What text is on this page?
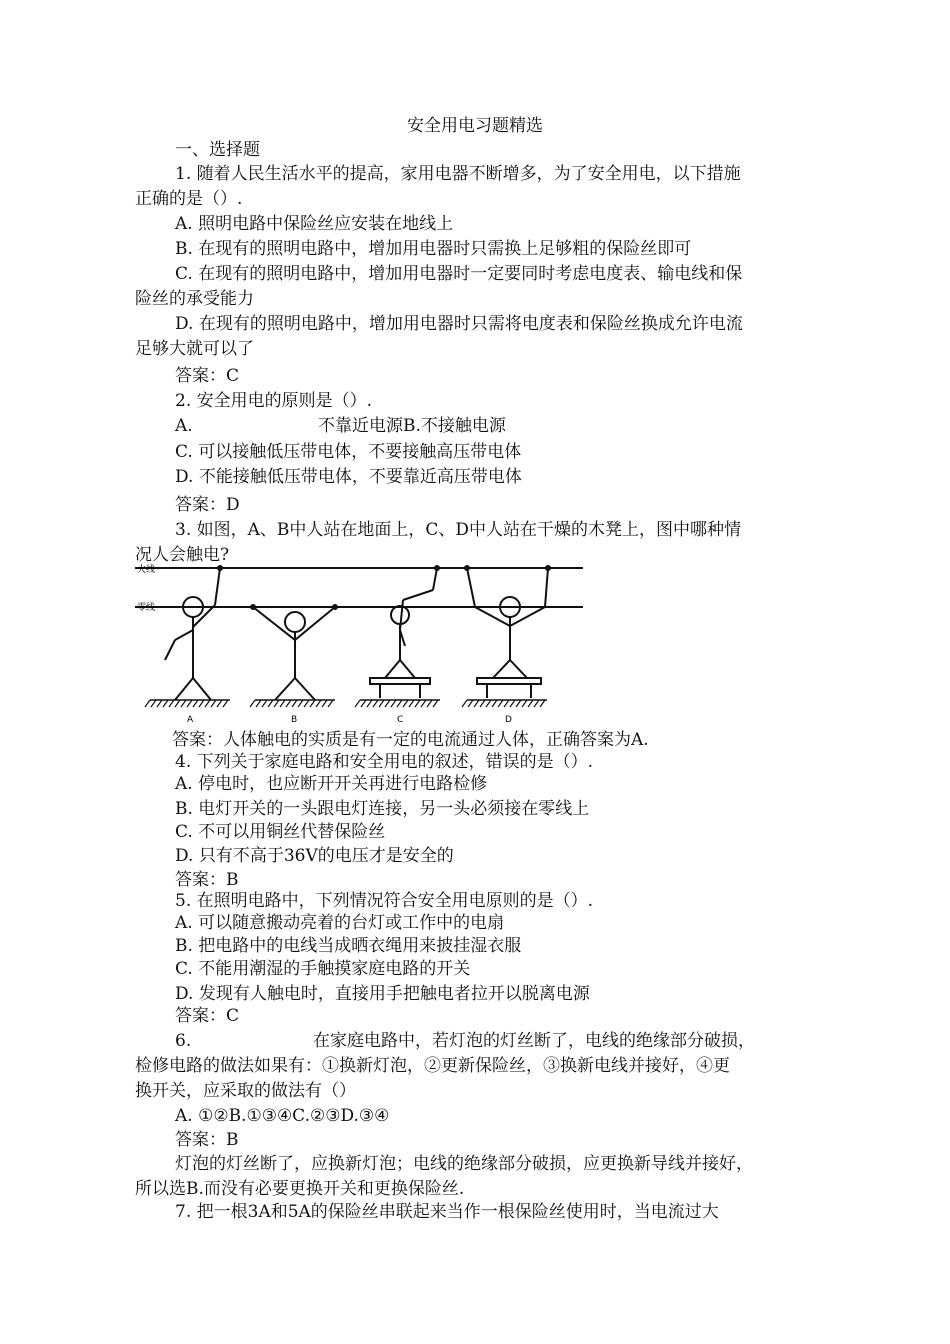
安全用电习题精选
一、选择题
1. 随着人民生活水平的提高，家用电器不断增多，为了安全用电，以下措施
正确的是（）.
A. 照明电路中保险丝应安装在地线上
B. 在现有的照明电路中，增加用电器时只需换上足够粗的保险丝即可
C. 在现有的照明电路中，增加用电器时一定要同时考虑电度表、输电线和保
险丝的承受能力
D. 在现有的照明电路中，增加用电器时只需将电度表和保险丝换成允许电流
足够大就可以了
答案：C
2. 安全用电的原则是（）.
A.	不靠近电源B.不接触电源
C. 可以接触低压带电体，不要接触高压带电体
D. 不能接触低压带电体，不要靠近高压带电体
答案：D
3. 如图，A、B中人站在地面上，C、D中人站在干燥的木凳上，图中哪种情
况人会触电?
火线
零线
A	B	C	D
答案：人体触电的实质是有一定的电流通过人体，正确答案为A.
4. 下列关于家庭电路和安全用电的叙述，错误的是（）.
A. 停电时，也应断开开关再进行电路检修
B. 电灯开关的一头跟电灯连接，另一头必须接在零线上
C. 不可以用铜丝代替保险丝
D. 只有不高于36V的电压才是安全的
答案：B
5. 在照明电路中，下列情况符合安全用电原则的是（）.
A. 可以随意搬动亮着的台灯或工作中的电扇
B. 把电路中的电线当成晒衣绳用来披挂湿衣服
C. 不能用潮湿的手触摸家庭电路的开关
D. 发现有人触电时，直接用手把触电者拉开以脱离电源
答案：C
6.	在家庭电路中，若灯泡的灯丝断了，电线的绝缘部分破损，
检修电路的做法如果有：①换新灯泡，②更新保险丝，③换新电线并接好，④更
换开关，应采取的做法有（）
A. ①②B.①③④C.②③D.③④
答案：B
灯泡的灯丝断了，应换新灯泡；电线的绝缘部分破损，应更换新导线并接好，
所以选B.而没有必要更换开关和更换保险丝.
7. 把一根3A和5A的保险丝串联起来当作一根保险丝使用时，当电流过大
